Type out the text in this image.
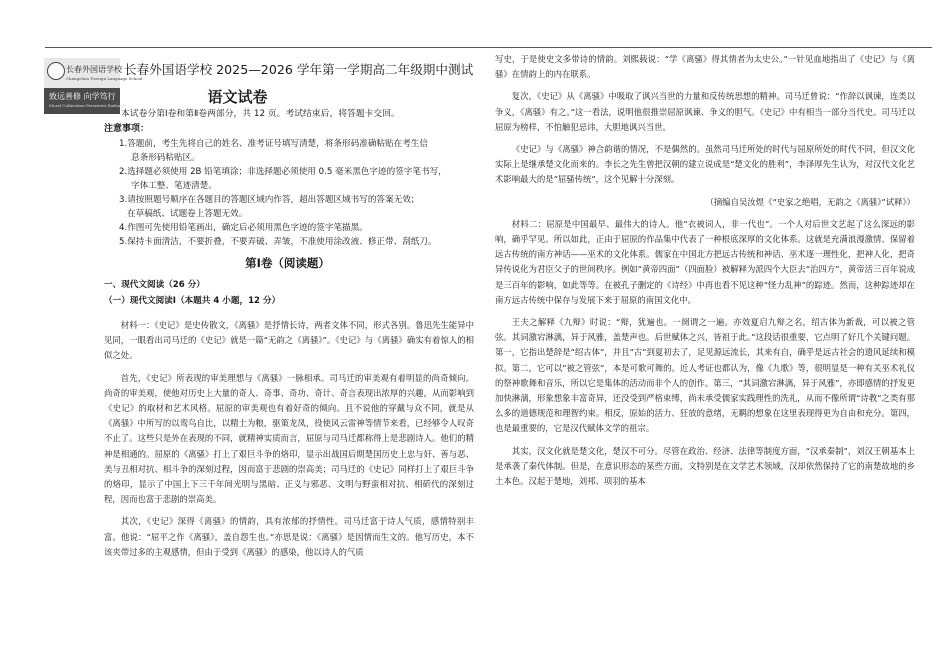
长春外国语学校
Changchun Foreign Language School
致远善修 向学笃行
Moral Cultivation Persistent Endeavor
长春外国语学校 2025—2026 学年第一学期高二年级期中测试
语文试卷
本试卷分第Ⅰ卷和第Ⅱ卷两部分，共 12 页。考试结束后，将答题卡交回。
注意事项：
1.答题前，考生先将自己的姓名、准考证号填写清楚，将条形码准确粘贴在考生信
息条形码粘贴区。
2.选择题必须使用 2B 铅笔填涂；非选择题必须使用 0.5 毫米黑色字迹的签字笔书写，
字体工整、笔迹清楚。
3.请按照题号顺序在各题目的答题区域内作答，超出答题区域书写的答案无效；
在草稿纸、试题卷上答题无效。
4.作图可先使用铅笔画出，确定后必须用黑色字迹的签字笔描黑。
5.保持卡面清洁，不要折叠，不要弄破、弄皱，不准使用涂改液、修正带、刮纸刀。
第Ⅰ卷（阅读题）
一、现代文阅读（26 分）
（一）现代文阅读Ⅰ（本题共 4 小题，12 分）

材料一：《史记》是史传散文，《离骚》是抒情长诗，两者文体不同，形式各别。鲁迅先生能异中见同，一眼看出司马迁的《史记》就是一篇“无韵之《离骚》”。《史记》与《离骚》确实有着惊人的相似之处。

首先，《史记》所表现的审美理想与《离骚》一脉相承。司马迁的审美观有着明显的尚奇倾向。尚奇的审美观，使他对历史上大量的奇人、奇事、奇功、奇计、奇言表现出浓厚的兴趣，从而影响到《史记》的取材和艺术风格。屈原的审美观也有着好奇的倾向。且不说他的穿戴与众不同，就是从《离骚》中所写的以鸾鸟自比，以精土为粮，驱策龙凤，役使风云雷神等情节来看，已经够令人叹奇不止了。这些只是外在表现的不同，就精神实质而言，屈原与司马迁都称得上是悲剧诗人。他们的精神是相通的。屈原的《离骚》打上了艰巨斗争的烙印，显示出战国后期楚国历史上忠与奸、善与恶、美与丑相对抗、相斗争的深刻过程，因而富于悲剧的崇高美；司马迁的《史记》同样打上了艰巨斗争的烙印，显示了中国上下三千年间光明与黑暗、正义与邪恶、文明与野蛮相对抗、相斫代的深刻过程，因而也富于悲剧的崇高美。

其次，《史记》深得《离骚》的情韵，具有浓郁的抒情性。司马迁富于诗人气质，感情特别丰富。他说：“屈平之作《离骚》，盖自怨生也。”亦思是说：《离骚》是因情而生文的。他写历史，本不该夹带过多的主观感情，但由于受到《离骚》的感染，他以诗人的气质

写史，于是使史文多带诗的情韵。刘熙载说：“学《离骚》得其情者为太史公。”一针见血地指出了《史记》与《离骚》在情韵上的内在联系。

复次，《史记》从《离骚》中吸取了讽兴当世的力量和反传统思想的精神。司马迁曾说：“作辞以讽谏，连类以争义，《离骚》有之。”这一看法，说明他很推崇屈原讽谏、争义的胆气。《史记》中有相当一部分当代史。司马迁以屈原为榜样，不怕触犯忌讳，大胆地讽兴当世。

《史记》与《离骚》神合韵谐的情况，不是偶然的。虽然司马迁所处的时代与屈原所处的时代不同，但汉文化实际上是继承楚文化而来的。李长之先生曾把汉朝的建立说成是“楚文化的胜利”，李泽厚先生认为，对汉代文化艺术影响最大的是“屈骚传统”，这个见解十分深刻。

（摘编自吴汝煜《“史家之绝唱，无韵之《离骚》”试释》）

材料二：屈原是中国最早、最伟大的诗人。他“衣被词人，非一代也”。一个人对后世文艺起了这么深远的影响，确乎罕见。所以如此，正由于屈原的作品集中代表了一种根底深厚的文化体系。这就是充满浪漫激情、保留着远古传统的南方神话——巫术的文化体系。儒家在中国北方把远古传统和神话、巫术逐一理性化，把神人化，把奇异传说化为君臣父子的世间秩序。例如“黄帝四面”（四面脸）被解释为派四个大臣去“治四方”，黄帝活三百年说成是三百年的影响，如此等等。在被孔子删定的《诗经》中再也看不见这种“怪力乱神”的踪迹。然而，这种踪迹却在南方远古传统中保存与发展下来于屈原的南国文化中。

王夫之解释《九辩》时说：“辩，犹遍也。一阕谓之一遍。亦效夏启九辩之名，绍古体为新裁，可以被之管弦。其词激宕淋漓，异于风雅，盖楚声也。后世赋体之兴，皆祖于此。”这段话很重要，它点明了好几个关键问题。第一，它指出楚辞是“绍古体”，并且“古”到夏初去了，足见源远流长，其来有自，确乎是远古社会的遗风延续和模拟。第二，它可以“被之管弦”，本是可歌可舞的。近人考证也都认为，像《九歌》等，很明显是一种有关巫术礼仪的祭神歌舞和音乐，所以它是集体的活动而非个人的创作。第三，“其词激宕淋漓，异于风雅”，亦即感情的抒发更加快淋漓，形象想象丰富奇异，还没受到严格束缚，尚未承受儒家实践理性的洗礼，从而不像所谓“诗教”之类有那么多的道德规范和理智约束。相反，原始的活力、狂放的意绪，无羁的想象在这里表现得更为自由和充分。第四，也是最重要的，它是汉代赋体文学的祖宗。

其实，汉文化就是楚文化，楚汉不可分。尽管在政治、经济、法律等制度方面，“汉承秦制”，刘汉王朝基本上是承袭了秦代体制。但是，在意识形态的某些方面，文特别是在文学艺术领域，汉却依然保持了它的南楚故地的乡土本色。汉起于楚地，刘邦、项羽的基本
